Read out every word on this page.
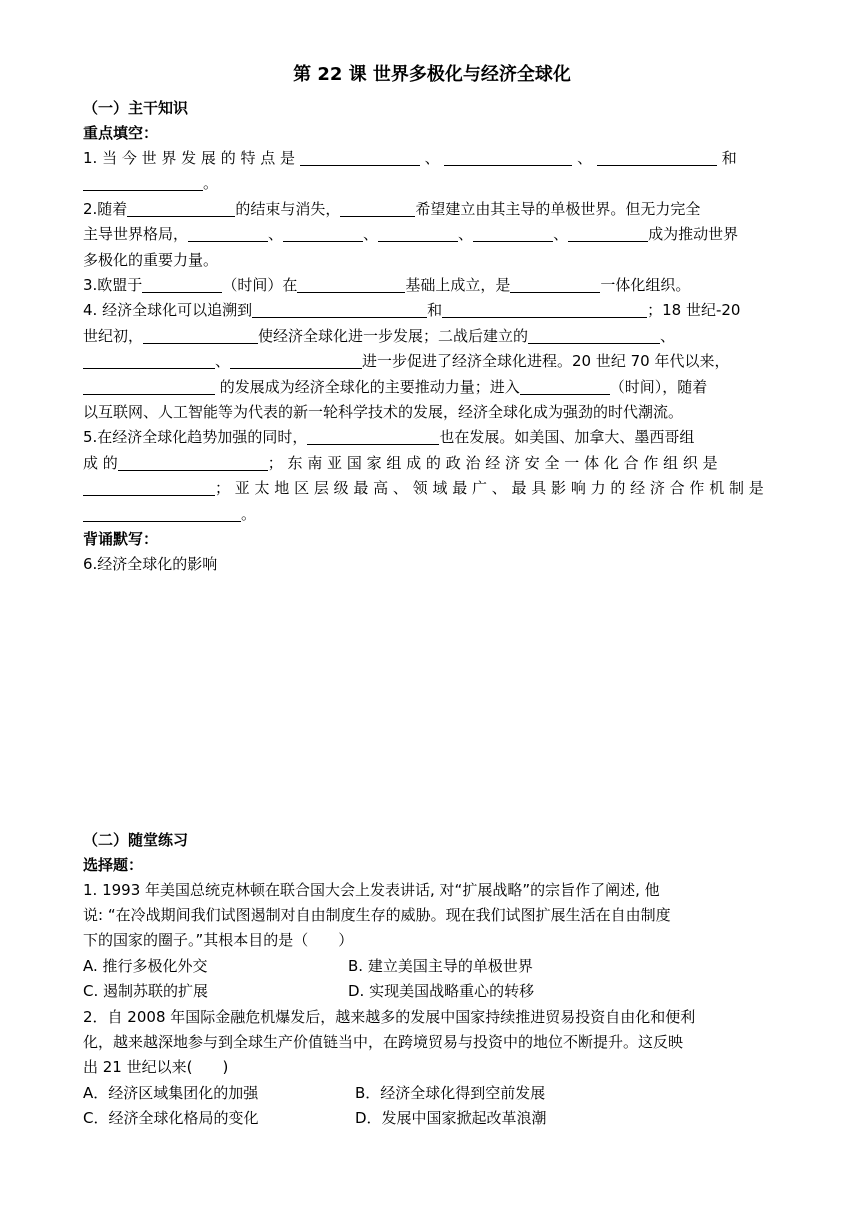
第 22 课 世界多极化与经济全球化
（一）主干知识
重点填空：

1. 当 今 世 界 发 展 的 特 点 是	、	、	和

。

2.随着	的结束与消失，	希望建立由其主导的单极世界。但无力完全

主导世界格局，	、	、	、	、	成为推动世界

多极化的重要力量。

3.欧盟于	（时间）在	基础上成立，是	一体化组织。

4. 经济全球化可以追溯到	和	；18 世纪-20

世纪初，	使经济全球化进一步发展；二战后建立的	、

、	进一步促进了经济全球化进程。20 世纪 70 年代以来，

的发展成为经济全球化的主要推动力量；进入	（时间），随着

以互联网、人工智能等为代表的新一轮科学技术的发展，经济全球化成为强劲的时代潮流。

5.在经济全球化趋势加强的同时，	也在发展。如美国、加拿大、墨西哥组

成 的	； 东 南 亚 国 家 组 成 的 政 治 经 济 安 全 一 体 化 合 作 组 织 是

； 亚 太 地 区 层 级 最 高 、 领 域 最 广 、 最 具 影 响 力 的 经 济 合 作 机 制 是

。

背诵默写：

6.经济全球化的影响

（二）随堂练习
选择题：

1. 1993 年美国总统克林顿在联合国大会上发表讲话, 对“扩展战略”的宗旨作了阐述, 他

说: “在冷战期间我们试图遏制对自由制度生存的威胁。现在我们试图扩展生活在自由制度

下的国家的圈子。”其根本目的是（　　）

A. 推行多极化外交	B. 建立美国主导的单极世界
C. 遏制苏联的扩展	D. 实现美国战略重心的转移

2．自 2008 年国际金融危机爆发后，越来越多的发展中国家持续推进贸易投资自由化和便利

化，越来越深地参与到全球生产价值链当中，在跨境贸易与投资中的地位不断提升。这反映

出 21 世纪以来(　　)

A．经济区域集团化的加强	B．经济全球化得到空前发展
C．经济全球化格局的变化	D．发展中国家掀起改革浪潮
